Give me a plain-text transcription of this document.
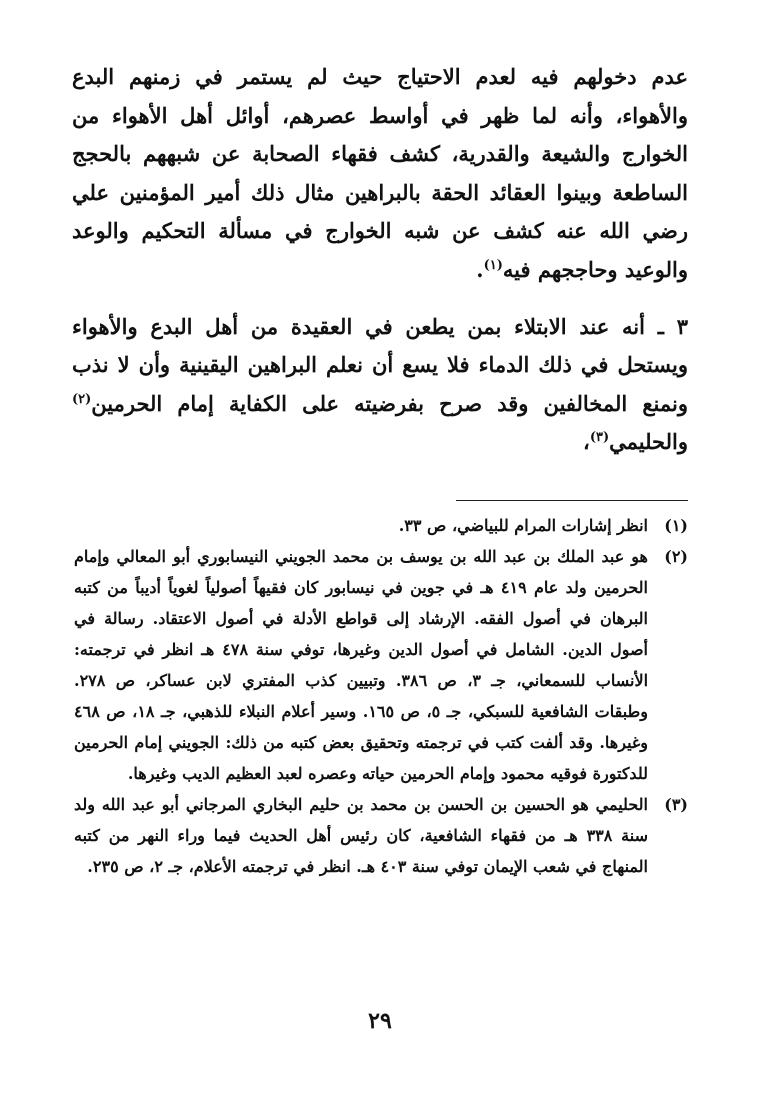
عدم دخولهم فيه لعدم الاحتياج حيث لم يستمر في زمنهم البدع والأهواء، وأنه لما ظهر في أواسط عصرهم، أوائل أهل الأهواء من الخوارج والشيعة والقدرية، كشف فقهاء الصحابة عن شبههم بالحجج الساطعة وبينوا العقائد الحقة بالبراهين مثال ذلك أمير المؤمنين علي رضي الله عنه كشف عن شبه الخوارج في مسألة التحكيم والوعد والوعيد وحاججهم فيه$^{(١)}$.

٣ ـ أنه عند الابتلاء بمن يطعن في العقيدة من أهل البدع والأهواء ويستحل في ذلك الدماء فلا يسع أن نعلم البراهين اليقينية وأن لا نذب ونمنع المخالفين وقد صرح بفرضيته على الكفاية إمام الحرمين$^{(٢)}$ والحليمي$^{(٣)}$،

(١)
انظر إشارات المرام للبياضي، ص ٣٣.
(٢)
هو عبد الملك بن عبد الله بن يوسف بن محمد الجويني النيسابوري أبو المعالي وإمام الحرمين ولد عام ٤١٩ هـ في جوين في نيسابور كان فقيهاً أصولياً لغوياً أديباً من كتبه البرهان في أصول الفقه. الإرشاد إلى قواطع الأدلة في أصول الاعتقاد. رسالة في أصول الدين. الشامل في أصول الدين وغيرها، توفي سنة ٤٧٨ هـ انظر في ترجمته: الأنساب للسمعاني، جـ ٣، ص ٣٨٦. وتبيين كذب المفتري لابن عساكر، ص ٢٧٨. وطبقات الشافعية للسبكي، جـ ٥، ص ١٦٥. وسير أعلام النبلاء للذهبي، جـ ١٨، ص ٤٦٨ وغيرها. وقد ألفت كتب في ترجمته وتحقيق بعض كتبه من ذلك: الجويني إمام الحرمين للدكتورة فوقيه محمود وإمام الحرمين حياته وعصره لعبد العظيم الديب وغيرها.
(٣)
الحليمي هو الحسين بن الحسن بن محمد بن حليم البخاري المرجاني أبو عبد الله ولد سنة ٣٣٨ هـ من فقهاء الشافعية، كان رئيس أهل الحديث فيما وراء النهر من كتبه المنهاج في شعب الإيمان توفي سنة ٤٠٣ هـ. انظر في ترجمته الأعلام، جـ ٢، ص ٢٣٥.
٢٩
